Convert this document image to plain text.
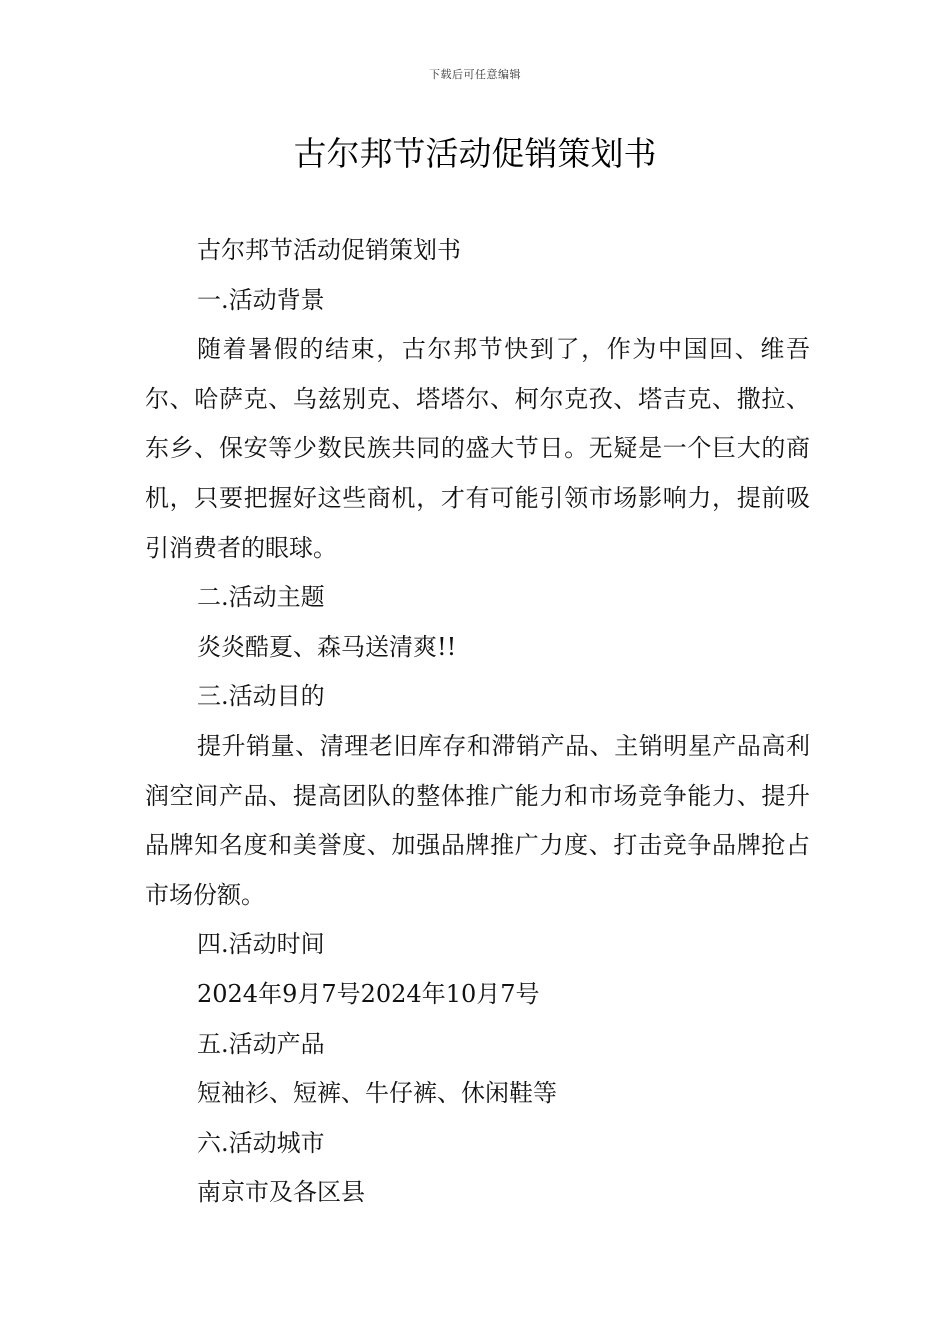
下载后可任意编辑
古尔邦节活动促销策划书

古尔邦节活动促销策划书

一.活动背景

随着暑假的结束，古尔邦节快到了，作为中国回、维吾尔、哈萨克、乌兹别克、塔塔尔、柯尔克孜、塔吉克、撒拉、东乡、保安等少数民族共同的盛大节日。无疑是一个巨大的商机，只要把握好这些商机，才有可能引领市场影响力，提前吸引消费者的眼球。

二.活动主题

炎炎酷夏、森马送清爽!!

三.活动目的

提升销量、清理老旧库存和滞销产品、主销明星产品高利润空间产品、提高团队的整体推广能力和市场竞争能力、提升品牌知名度和美誉度、加强品牌推广力度、打击竞争品牌抢占市场份额。

四.活动时间

2024年9月7号2024年10月7号

五.活动产品

短袖衫、短裤、牛仔裤、休闲鞋等

六.活动城市

南京市及各区县
